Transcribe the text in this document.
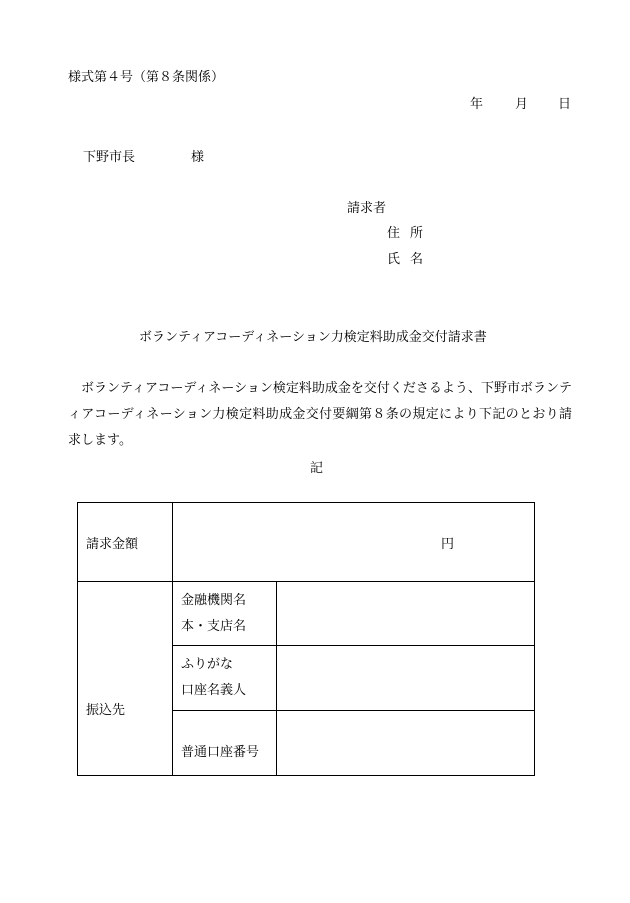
様式第４号（第８条関係）
年 月 日
下野市長	様
請求者
住所
氏名
ボランティアコーディネーション力検定料助成金交付請求書
ボランティアコーディネーション検定料助成金を交付くださるよう、下野市ボランティアコーディネーション力検定料助成金交付要綱第８条の規定により下記のとおり請求します。
記
請求金額	円	

振込先	金融機関名
本・支店名	

	ふりがな
口座名義人	

	普通口座番号	
